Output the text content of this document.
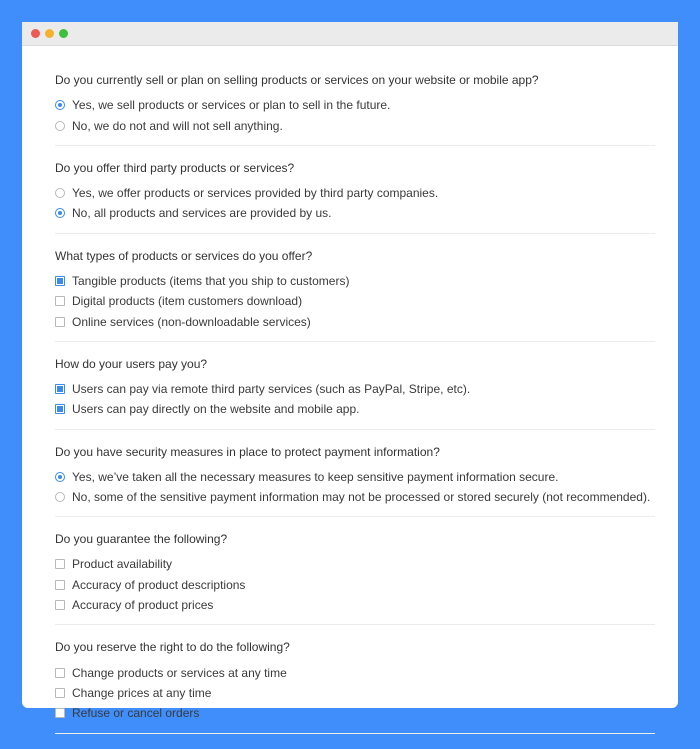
Do you currently sell or plan on selling products or services on your website or mobile app?

Yes, we sell products or services or plan to sell in the future.
No, we do not and will not sell anything.

Do you offer third party products or services?

Yes, we offer products or services provided by third party companies.
No, all products and services are provided by us.

What types of products or services do you offer?

Tangible products (items that you ship to customers)
Digital products (item customers download)
Online services (non-downloadable services)

How do your users pay you?

Users can pay via remote third party services (such as PayPal, Stripe, etc).
Users can pay directly on the website and mobile app.

Do you have security measures in place to protect payment information?

Yes, we’ve taken all the necessary measures to keep sensitive payment information secure.
No, some of the sensitive payment information may not be processed or stored securely (not recommended).

Do you guarantee the following?

Product availability
Accuracy of product descriptions
Accuracy of product prices

Do you reserve the right to do the following?

Change products or services at any time
Change prices at any time
Refuse or cancel orders
